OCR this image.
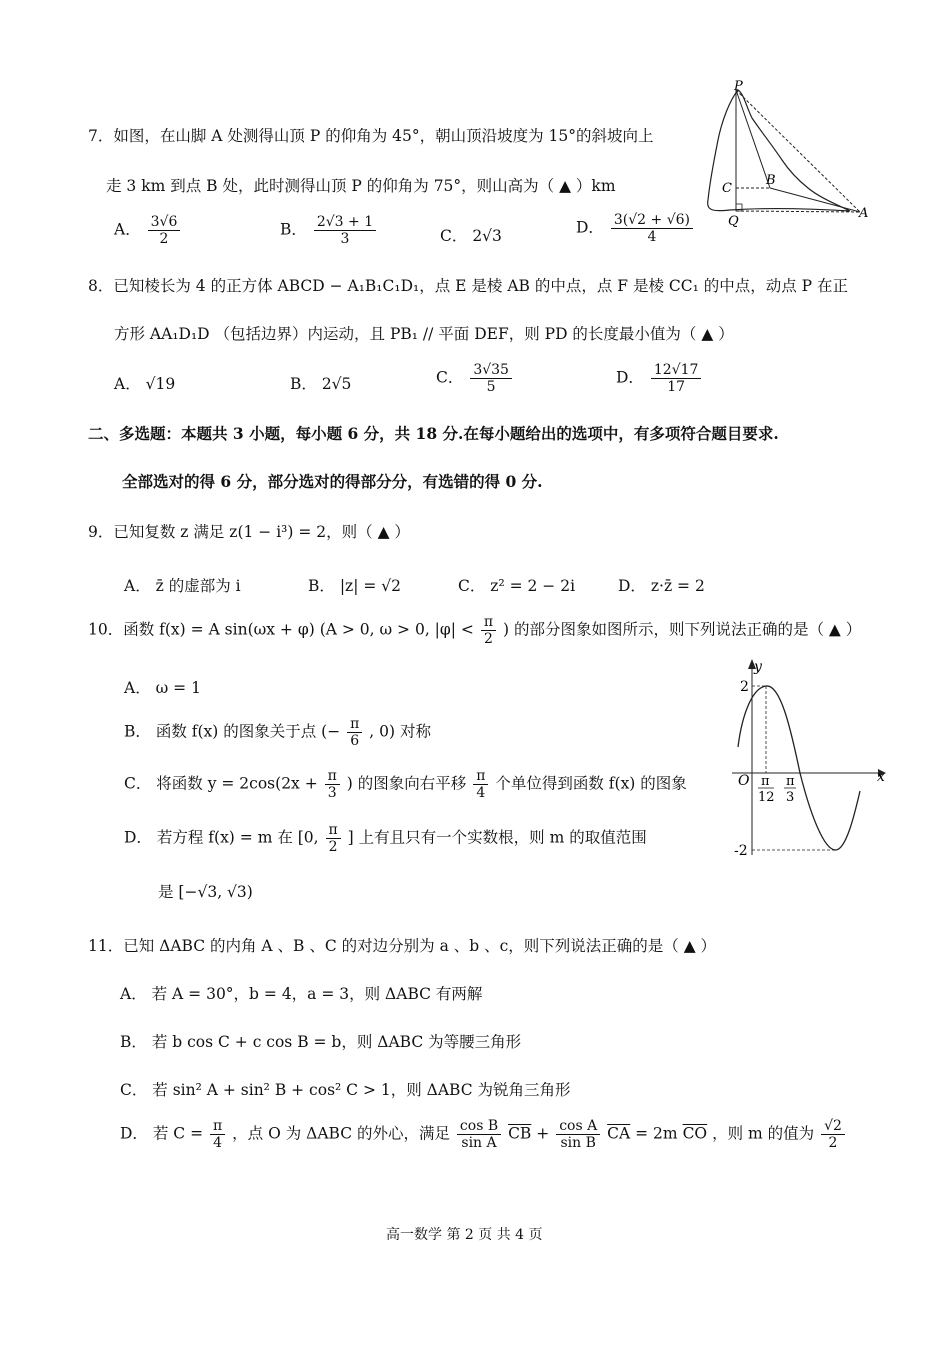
7．如图，在山脚 A 处测得山顶 P 的仰角为 45°，朝山顶沿坡度为 15°的斜坡向上
走 3 km 到点 B 处，此时测得山顶 P 的仰角为 75°，则山高为（ ▲ ）km
A． $\frac{3√6}{2}$	B． $\frac{2√3 + 1}{3}$	C． 2√3	D． $\frac{3(√2 + √6)}{4}$
P
C
B
Q
A
8．已知棱长为 4 的正方体 ABCD − A₁B₁C₁D₁，点 E 是棱 AB 的中点，点 F 是棱 CC₁ 的中点，动点 P 在正
方形 AA₁D₁D （包括边界）内运动，且 PB₁ // 平面 DEF，则 PD 的长度最小值为（ ▲ ）
A． √19	B． 2√5	C． $\frac{3√35}{5}$	D． $\frac{12√17}{17}$
二、多选题：本题共 3 小题，每小题 6 分，共 18 分.在每小题给出的选项中，有多项符合题目要求.
全部选对的得 6 分，部分选对的得部分分，有选错的得 0 分.
9．已知复数 z 满足 z(1 − i³) = 2，则（ ▲ ）
A． z̄ 的虚部为 i	B． |z| = √2	C． z² = 2 − 2i	D． z·z̄ = 2
10．函数 f(x) = A sin(ωx + φ) (A > 0, ω > 0, $|\varphi| < \frac{\pi}{2}$ ) 的部分图象如图所示，则下列说法正确的是（ ▲ ）
A． ω = 1
B． 函数 f(x) 的图象关于点 (− $\frac{\pi}{6}$ , 0) 对称
C． 将函数 $y = 2\cos(2x + \frac{\pi}{3}$ ) 的图象向右平移 $\frac{\pi}{4}$ 个单位得到函数 f(x) 的图象
D． 若方程 f(x) = m 在 [0, $\frac{\pi}{2}$ ] 上有且只有一个实数根，则 m 的取值范围
是 [−√3, √3)
y
x
O
2
-2
π
12
π
3
11．已知 ΔABC 的内角 A 、B 、C 的对边分别为 a 、b 、c，则下列说法正确的是（ ▲ ）
A． 若 A = 30°，b = 4，a = 3，则 ΔABC 有两解
B． 若 b cos C + c cos B = b，则 ΔABC 为等腰三角形
C． 若 sin² A + sin² B + cos² C > 1，则 ΔABC 为锐角三角形
D． 若 $C = \frac{\pi}{4}$ ，点 O 为 ΔABC 的外心，满足 $\frac{\text{cos B}}{\text{sin A}} \overline{CB} + \frac{\text{cos A}}{\text{sin B}} \overline{CA} = 2m$ $\overline{CO}$ ，则 m 的值为 $\frac{√2}{2}$
高一数学 第 2 页 共 4 页
